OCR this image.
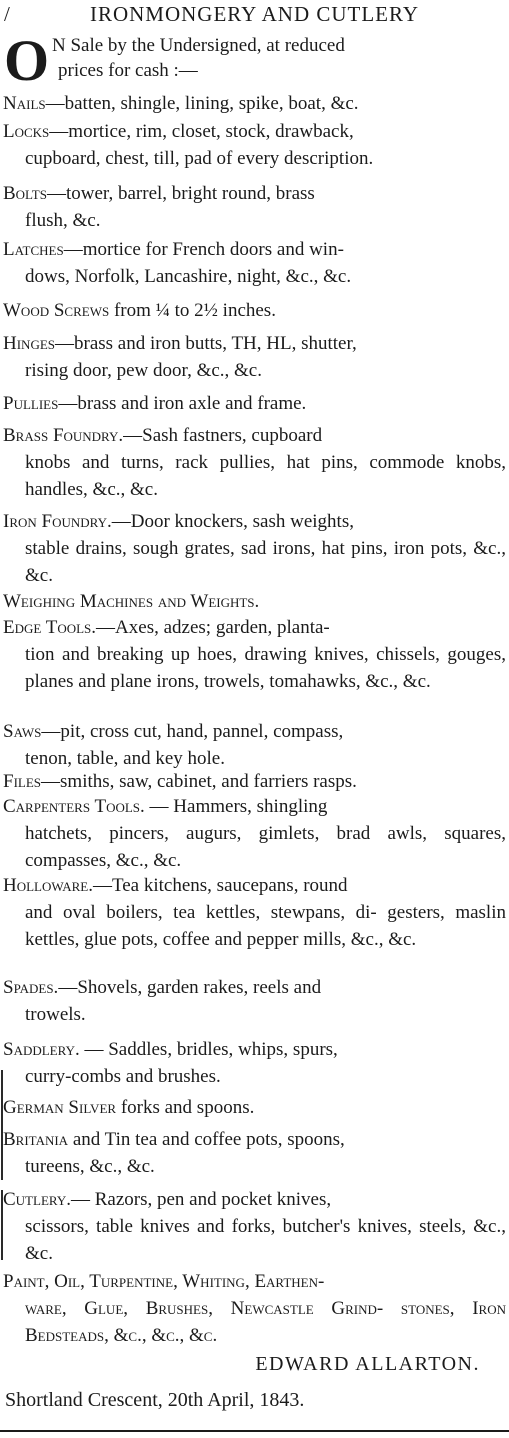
/	IRONMONGERY AND CUTLERY
O N Sale by the Undersigned, at reduced
prices for cash :—
Nails—batten, shingle, lining, spike, boat, &c.
Locks—mortice, rim, closet, stock, drawback,
cupboard, chest, till, pad of every description.
Bolts—tower, barrel, bright round, brass
flush, &c.
Latches—mortice for French doors and win-
dows, Norfolk, Lancashire, night, &c., &c.
Wood Screws from ¼ to 2½ inches.
Hinges—brass and iron butts, TH, HL, shutter,
rising door, pew door, &c., &c.
Pullies—brass and iron axle and frame.
Brass Foundry.—Sash fastners, cupboard
knobs and turns, rack pullies, hat pins, commode knobs, handles, &c., &c.
Iron Foundry.—Door knockers, sash weights,
stable drains, sough grates, sad irons, hat pins, iron pots, &c., &c.
Weighing Machines and Weights.
Edge Tools.—Axes, adzes; garden, planta-
tion and breaking up hoes, drawing knives, chissels, gouges, planes and plane irons, trowels, tomahawks, &c., &c.
Saws—pit, cross cut, hand, pannel, compass,
tenon, table, and key hole.
Files—smiths, saw, cabinet, and farriers rasps.
Carpenters Tools. — Hammers, shingling
hatchets, pincers, augurs, gimlets, brad awls, squares, compasses, &c., &c.
Holloware.—Tea kitchens, saucepans, round
and oval boilers, tea kettles, stewpans, di- gesters, maslin kettles, glue pots, coffee and pepper mills, &c., &c.
Spades.—Shovels, garden rakes, reels and
trowels.
Saddlery. — Saddles, bridles, whips, spurs,
curry-combs and brushes.
German Silver forks and spoons.
Britania and Tin tea and coffee pots, spoons,
tureens, &c., &c.
Cutlery.— Razors, pen and pocket knives,
scissors, table knives and forks, butcher's knives, steels, &c., &c.
Paint, Oil, Turpentine, Whiting, Earthen-
ware, Glue, Brushes, Newcastle Grind- stones, Iron Bedsteads, &c., &c., &c.
EDWARD ALLARTON.
Shortland Crescent, 20th April, 1843.
